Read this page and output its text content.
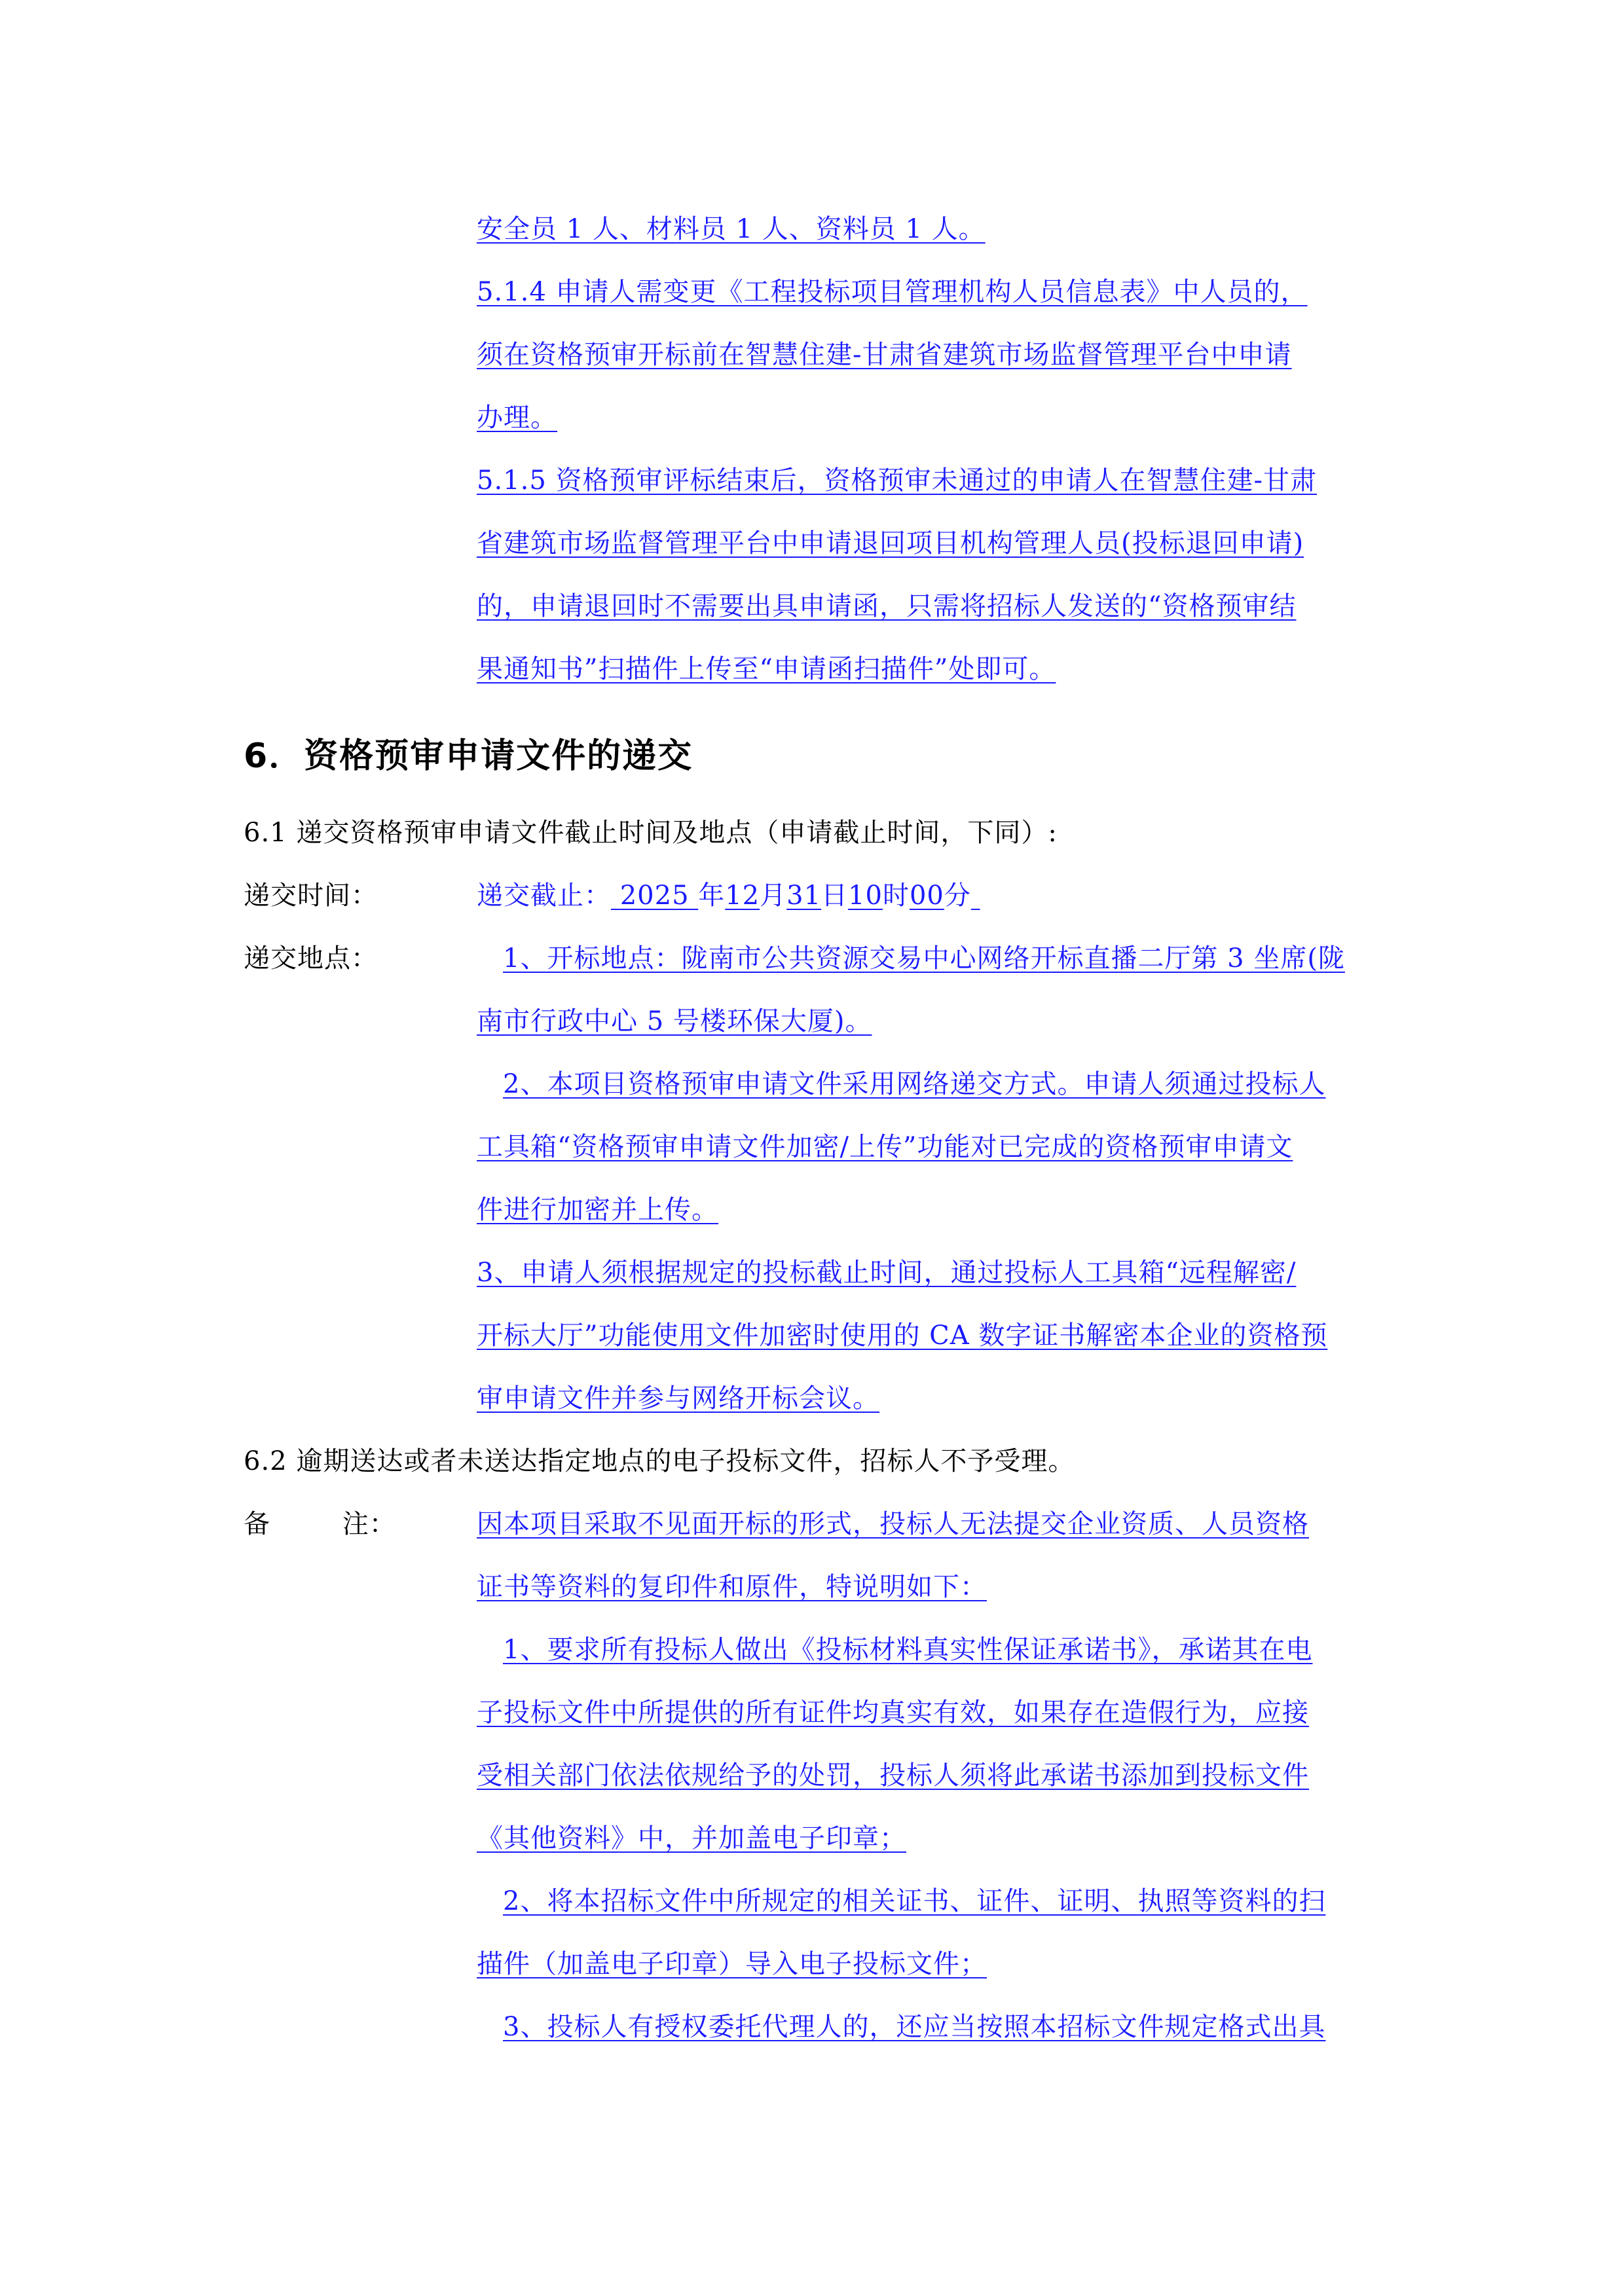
安全员 1 人、材料员 1 人、资料员 1 人。
5.1.4 申请人需变更《工程投标项目管理机构人员信息表》中人员的，
须在资格预审开标前在智慧住建-甘肃省建筑市场监督管理平台中申请
办理。
5.1.5 资格预审评标结束后，资格预审未通过的申请人在智慧住建-甘肃
省建筑市场监督管理平台中申请退回项目机构管理人员(投标退回申请)
的，申请退回时不需要出具申请函，只需将招标人发送的“资格预审结
果通知书”扫描件上传至“申请函扫描件”处即可。
6．资格预审申请文件的递交
6.1 递交资格预审申请文件截止时间及地点（申请截止时间，下同）:
递交时间：	递交截止： 2025 年12月31日10时00分
递交地点：	1、开标地点：陇南市公共资源交易中心网络开标直播二厅第 3 坐席(陇
南市行政中心 5 号楼环保大厦)。
2、本项目资格预审申请文件采用网络递交方式。申请人须通过投标人
工具箱“资格预审申请文件加密/上传”功能对已完成的资格预审申请文
件进行加密并上传。
3、申请人须根据规定的投标截止时间，通过投标人工具箱“远程解密/
开标大厅”功能使用文件加密时使用的 CA 数字证书解密本企业的资格预
审申请文件并参与网络开标会议。
6.2 逾期送达或者未送达指定地点的电子投标文件，招标人不予受理。
备        注：	因本项目采取不见面开标的形式，投标人无法提交企业资质、人员资格
证书等资料的复印件和原件，特说明如下：
1、要求所有投标人做出《投标材料真实性保证承诺书》，承诺其在电
子投标文件中所提供的所有证件均真实有效，如果存在造假行为，应接
受相关部门依法依规给予的处罚，投标人须将此承诺书添加到投标文件
《其他资料》中，并加盖电子印章；
2、将本招标文件中所规定的相关证书、证件、证明、执照等资料的扫
描件（加盖电子印章）导入电子投标文件；
3、投标人有授权委托代理人的，还应当按照本招标文件规定格式出具
